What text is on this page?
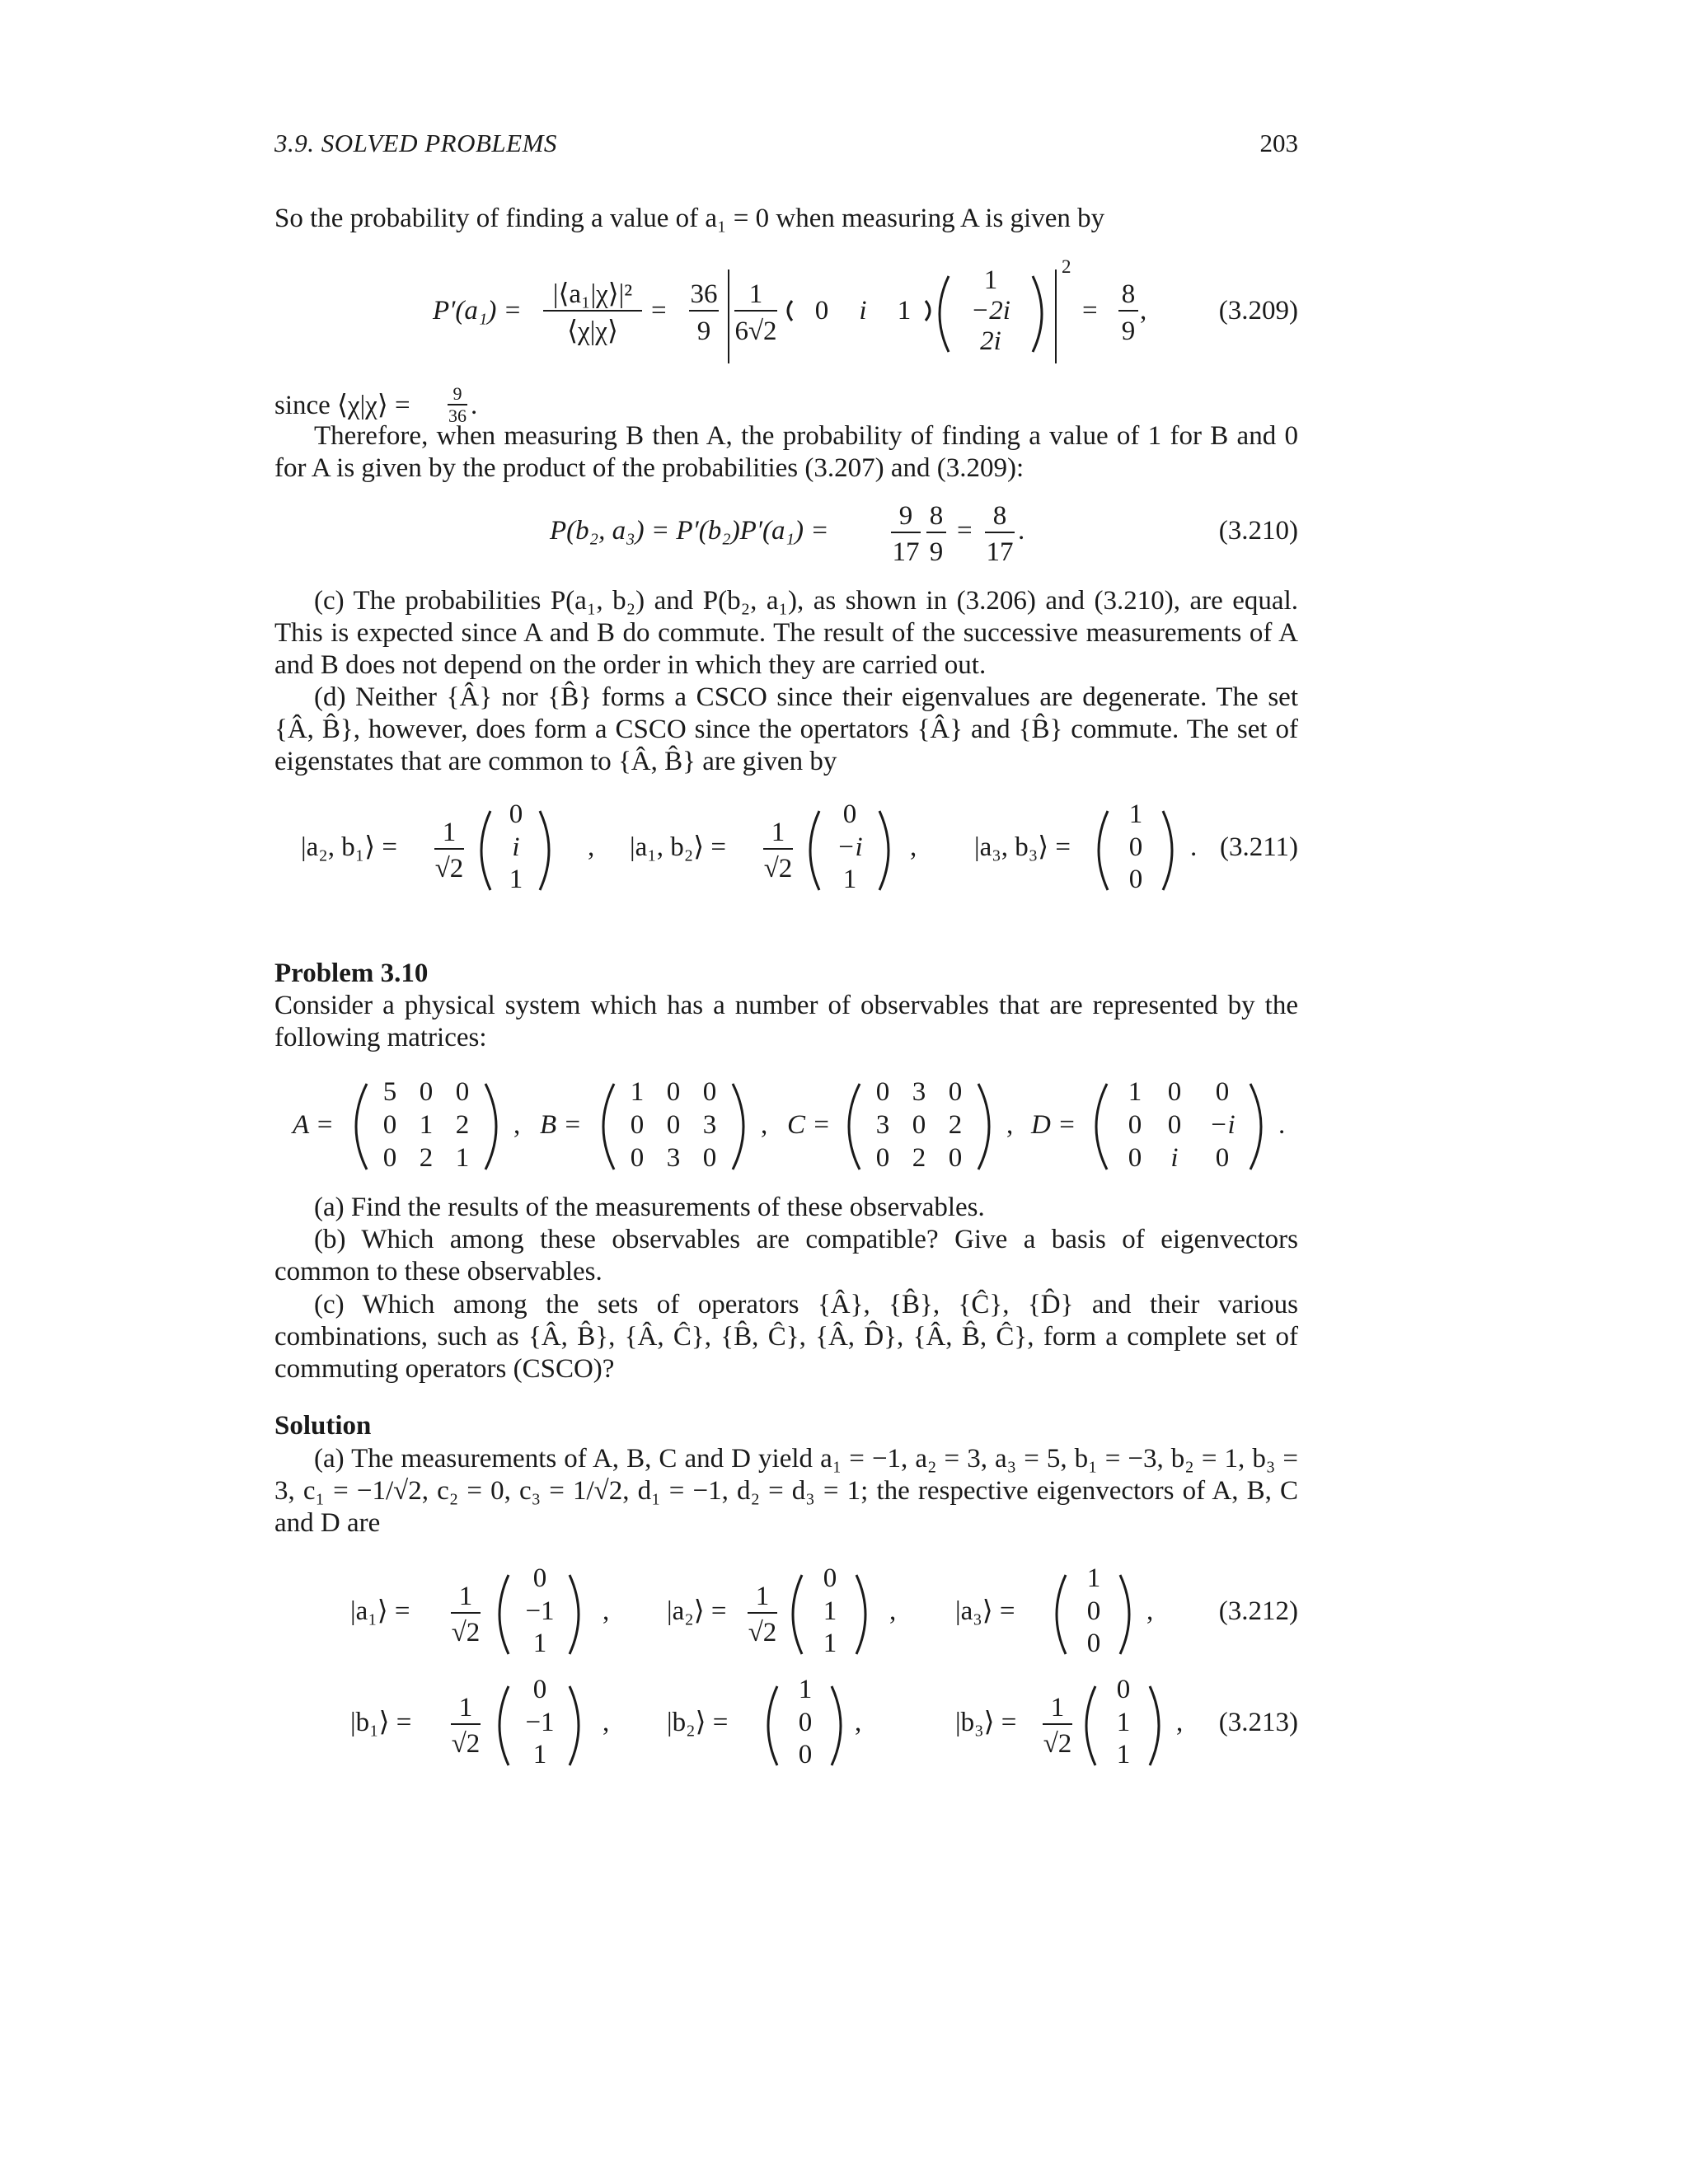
3.9. SOLVED PROBLEMS	203

So the probability of finding a value of a₁ = 0 when measuring A is given by

P′(a₁) =
|⟨a₁|χ⟩|²
⟨χ|χ⟩
=
36
9
1
6√2
0 i 1
1
−2i
2i
2
=
8
9
,	(3.209)
since ⟨χ|χ⟩ = 9
36 .

Therefore, when measuring B then A, the probability of finding a value of 1 for B and 0 for A is given by the product of the probabilities (3.207) and (3.209):

P(b₂, a₃) = P′(b₂)P′(a₁) =	9
17
8
9
= 8
17
.	(3.210)

(c) The probabilities P(a₁, b₂) and P(b₂, a₁), as shown in (3.206) and (3.210), are equal. This is expected since A and B do commute. The result of the successive measurements of A and B does not depend on the order in which they are carried out.

(d) Neither {Â} nor {B̂} forms a CSCO since their eigenvalues are degenerate. The set {Â, B̂}, however, does form a CSCO since the opertators {Â} and {B̂} commute. The set of eigenstates that are common to {Â, B̂} are given by

|a₂, b₁⟩ = 1
√2
0
i
1
, |a₁, b₂⟩ = 1
√2
0
−i
1
, |a₃, b₃⟩ =
1
0
0
. (3.211)
Problem 3.10

Consider a physical system which has a number of observables that are represented by the following matrices:

A =
5 0 0
0 1 2
0 2 1
, B =
1 0 0
0 0 3
0 3 0
, C =
0 3 0
3 0 2
0 2 0
, D =
1 0 0
0 0 −i
0 i 0
.

(a) Find the results of the measurements of these observables.

(b) Which among these observables are compatible? Give a basis of eigenvectors common to these observables.

(c) Which among the sets of operators {Â}, {B̂}, {Ĉ}, {D̂} and their various combinations, such as {Â, B̂}, {Â, Ĉ}, {B̂, Ĉ}, {Â, D̂}, {Â, B̂, Ĉ}, form a complete set of commuting operators (CSCO)?

Solution

(a) The measurements of A, B, C and D yield a₁ = −1, a₂ = 3, a₃ = 5, b₁ = −3, b₂ = 1, b₃ = 3, c₁ = −1/√2, c₂ = 0, c₃ = 1/√2, d₁ = −1, d₂ = d₃ = 1; the respective eigenvectors of A, B, C and D are

|a₁⟩ = 1
√2
0
−1
1
, |a₂⟩ = 1
√2
0
1
1
, |a₃⟩ =
1
0
0
, (3.212)
|b₁⟩ = 1
√2
0
−1
1
, |b₂⟩ =
1
0
0
,	|b₃⟩ = 1
√2
0
1
1
, (3.213)
